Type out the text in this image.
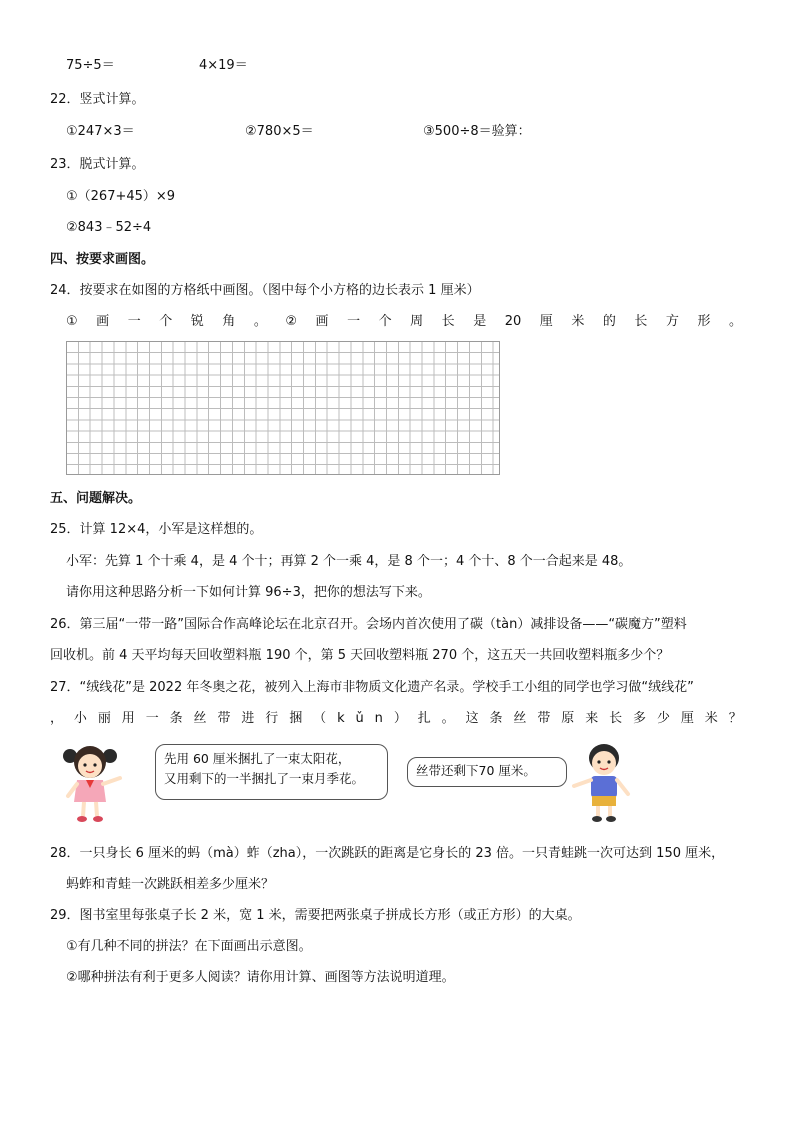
75÷5＝	4×19＝
22．竖式计算。
①247×3＝	②780×5＝	③500÷8＝验算：
23．脱式计算。
①（267+45）×9
②843﹣52÷4
四、按要求画图。
24．按要求在如图的方格纸中画图。（图中每个小方格的边长表示 1 厘米）
① 画 一 个 锐 角 。 ② 画 一 个 周 长 是 20 厘 米 的 长 方 形 。
五、问题解决。
25．计算 12×4，小军是这样想的。
小军：先算 1 个十乘 4，是 4 个十；再算 2 个一乘 4，是 8 个一；4 个十、8 个一合起来是 48。
请你用这种思路分析一下如何计算 96÷3，把你的想法写下来。
26．第三届“一带一路”国际合作高峰论坛在北京召开。会场内首次使用了碳（tàn）减排设备——“碳魔方”塑料
回收机。前 4 天平均每天回收塑料瓶 190 个，第 5 天回收塑料瓶 270 个，这五天一共回收塑料瓶多少个？
27．“绒线花”是 2022 年冬奥之花，被列入上海市非物质文化遗产名录。学校手工小组的同学也学习做“绒线花”
， 小 丽 用 一 条 丝 带 进 行 捆 （ k ǔ n ） 扎 。 这 条 丝 带 原 来 长 多 少 厘 米 ？
先用 60 厘米捆扎了一束太阳花，
又用剩下的一半捆扎了一束月季花。
丝带还剩下70 厘米。
28．一只身长 6 厘米的蚂（mà）蚱（zha），一次跳跃的距离是它身长的 23 倍。一只青蛙跳一次可达到 150 厘米，
蚂蚱和青蛙一次跳跃相差多少厘米？
29．图书室里每张桌子长 2 米，宽 1 米，需要把两张桌子拼成长方形（或正方形）的大桌。
①有几种不同的拼法？在下面画出示意图。
②哪种拼法有利于更多人阅读？请你用计算、画图等方法说明道理。
